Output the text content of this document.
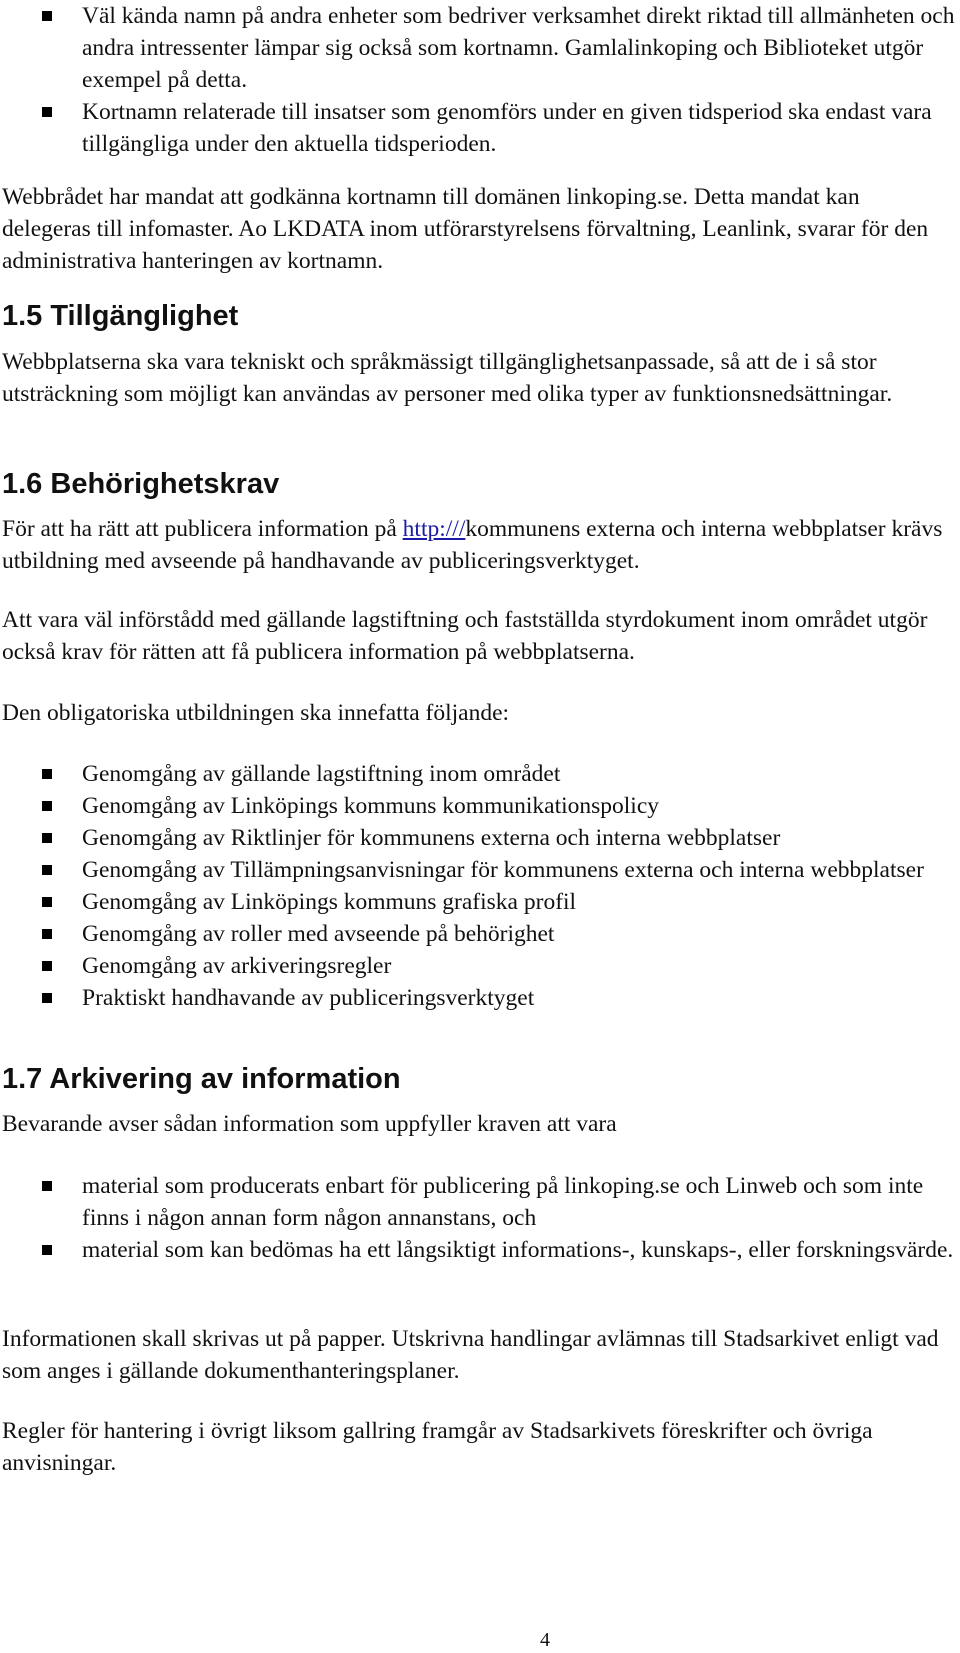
Väl kända namn på andra enheter som bedriver verksamhet direkt riktad till allmänheten och andra intressenter lämpar sig också som kortnamn. Gamlalinkoping och Biblioteket utgör exempel på detta.
Kortnamn relaterade till insatser som genomförs under en given tidsperiod ska endast vara tillgängliga under den aktuella tidsperioden.

Webbrådet har mandat att godkänna kortnamn till domänen linkoping.se. Detta mandat kan delegeras till infomaster. Ao LKDATA inom utförarstyrelsens förvaltning, Leanlink, svarar för den administrativa hanteringen av kortnamn.

1.5 Tillgänglighet

Webbplatserna ska vara tekniskt och språkmässigt tillgänglighetsanpassade, så att de i så stor utsträckning som möjligt kan användas av personer med olika typer av funktionsnedsättningar.

1.6 Behörighetskrav

För att ha rätt att publicera information på http:///kommunens externa och interna webbplatser krävs utbildning med avseende på handhavande av publiceringsverktyget.

Att vara väl införstådd med gällande lagstiftning och fastställda styrdokument inom området utgör också krav för rätten att få publicera information på webbplatserna.

Den obligatoriska utbildningen ska innefatta följande:

Genomgång av gällande lagstiftning inom området
Genomgång av Linköpings kommuns kommunikationspolicy
Genomgång av Riktlinjer för kommunens externa och interna webbplatser
Genomgång av Tillämpningsanvisningar för kommunens externa och interna webbplatser
Genomgång av Linköpings kommuns grafiska profil
Genomgång av roller med avseende på behörighet
Genomgång av arkiveringsregler
Praktiskt handhavande av publiceringsverktyget
1.7 Arkivering av information

Bevarande avser sådan information som uppfyller kraven att vara

material som producerats enbart för publicering på linkoping.se och Linweb och som inte finns i någon annan form någon annanstans, och
material som kan bedömas ha ett långsiktigt informations-, kunskaps-, eller forskningsvärde.

Informationen skall skrivas ut på papper. Utskrivna handlingar avlämnas till Stadsarkivet enligt vad som anges i gällande dokumenthanteringsplaner.

Regler för hantering i övrigt liksom gallring framgår av Stadsarkivets föreskrifter och övriga anvisningar.

4
